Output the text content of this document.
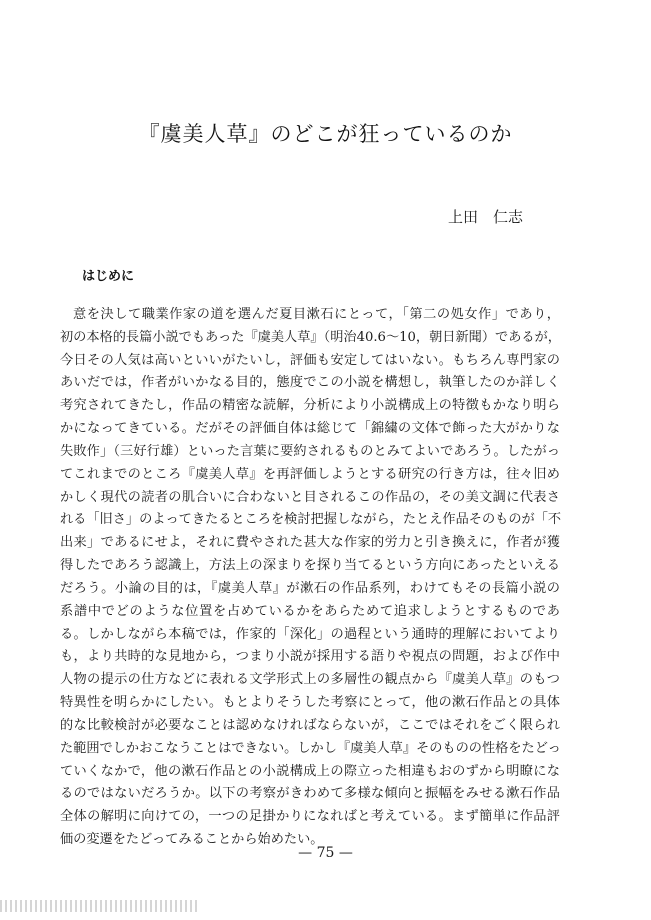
『虞美人草』のどこが狂っているのか

上田　仁志

はじめに
意を決して職業作家の道を選んだ夏目漱石にとって，「第二の処女作」であり，
初の本格的長篇小説でもあった『虞美人草』（明治40.6～10，朝日新聞）であるが，
今日その人気は高いといいがたいし，評価も安定してはいない。もちろん専門家の
あいだでは，作者がいかなる目的，態度でこの小説を構想し，執筆したのか詳しく
考究されてきたし，作品の精密な読解，分析により小説構成上の特徴もかなり明ら
かになってきている。だがその評価自体は総じて「錦繍の文体で飾った大がかりな
失敗作」（三好行雄）といった言葉に要約されるものとみてよいであろう。したがっ
てこれまでのところ『虞美人草』を再評価しようとする研究の行き方は，往々旧め
かしく現代の読者の肌合いに合わないと目されるこの作品の，その美文調に代表さ
れる「旧さ」のよってきたるところを検討把握しながら，たとえ作品そのものが「不
出来」であるにせよ，それに費やされた甚大な作家的労力と引き換えに，作者が獲
得したであろう認識上，方法上の深まりを探り当てるという方向にあったといえる
だろう。小論の目的は，『虞美人草』が漱石の作品系列，わけてもその長篇小説の
系譜中でどのような位置を占めているかをあらためて追求しようとするものであ
る。しかしながら本稿では，作家的「深化」の過程という通時的理解においてより
も，より共時的な見地から，つまり小説が採用する語りや視点の問題，および作中
人物の提示の仕方などに表れる文学形式上の多層性の観点から『虞美人草』のもつ
特異性を明らかにしたい。もとよりそうした考察にとって，他の漱石作品との具体
的な比較検討が必要なことは認めなければならないが，ここではそれをごく限られ
た範囲でしかおこなうことはできない。しかし『虞美人草』そのものの性格をたどっ
ていくなかで，他の漱石作品との小説構成上の際立った相違もおのずから明瞭にな
るのではないだろうか。以下の考察がきわめて多様な傾向と振幅をみせる漱石作品
全体の解明に向けての，一つの足掛かりになればと考えている。まず簡単に作品評
価の変遷をたどってみることから始めたい。

— 75 —
